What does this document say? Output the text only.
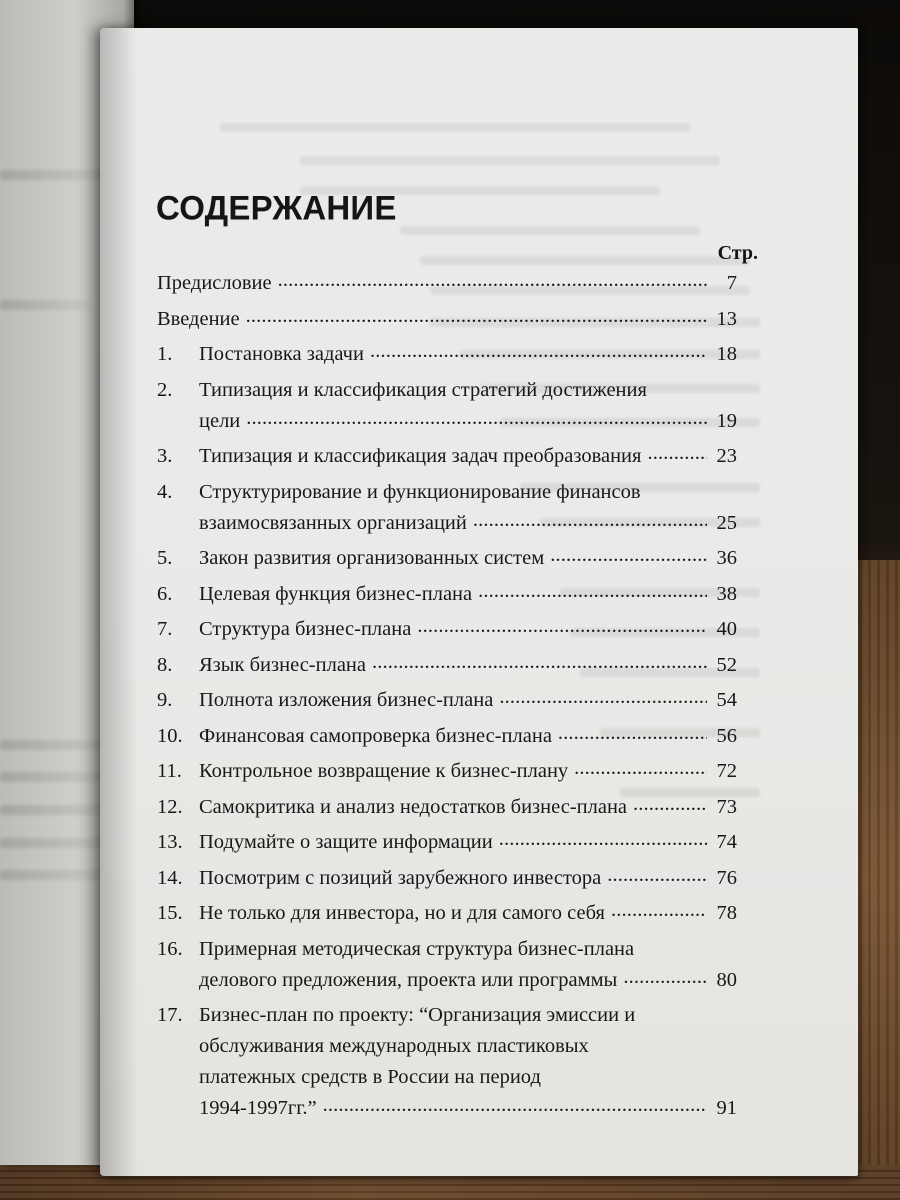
СОДЕРЖАНИЕ
Стр.
Предисловие . . .	7
Введение . . .	13
1.	Постановка задачи . . .	18
2.	Типизация и классификация стратегий достижения
цели . . .	19
3.	Типизация и классификация задач преобразования . . .	23
4.	Структурирование и функционирование финансов
взаимосвязанных организаций . . .	25
5.	Закон развития организованных систем . . .	36
6.	Целевая функция бизнес-плана . . .	38
7.	Структура бизнес-плана . . .	40
8.	Язык бизнес-плана . . .	52
9.	Полнота изложения бизнес-плана . . .	54
10. Финансовая самопроверка бизнес-плана . . .	56
11. Контрольное возвращение к бизнес-плану . . .	72
12. Самокритика и анализ недостатков бизнес-плана . . .	73
13. Подумайте о защите информации . . .	74
14. Посмотрим с позиций зарубежного инвестора . . .	76
15. Не только для инвестора, но и для самого себя . . .	78
16. Примерная методическая структура бизнес-плана
делового предложения, проекта или программы . . .	80
17. Бизнес-план по проекту: “Организация эмиссии и
обслуживания международных пластиковых
платежных средств в России на период
1994-1997гг.” . . .	91
